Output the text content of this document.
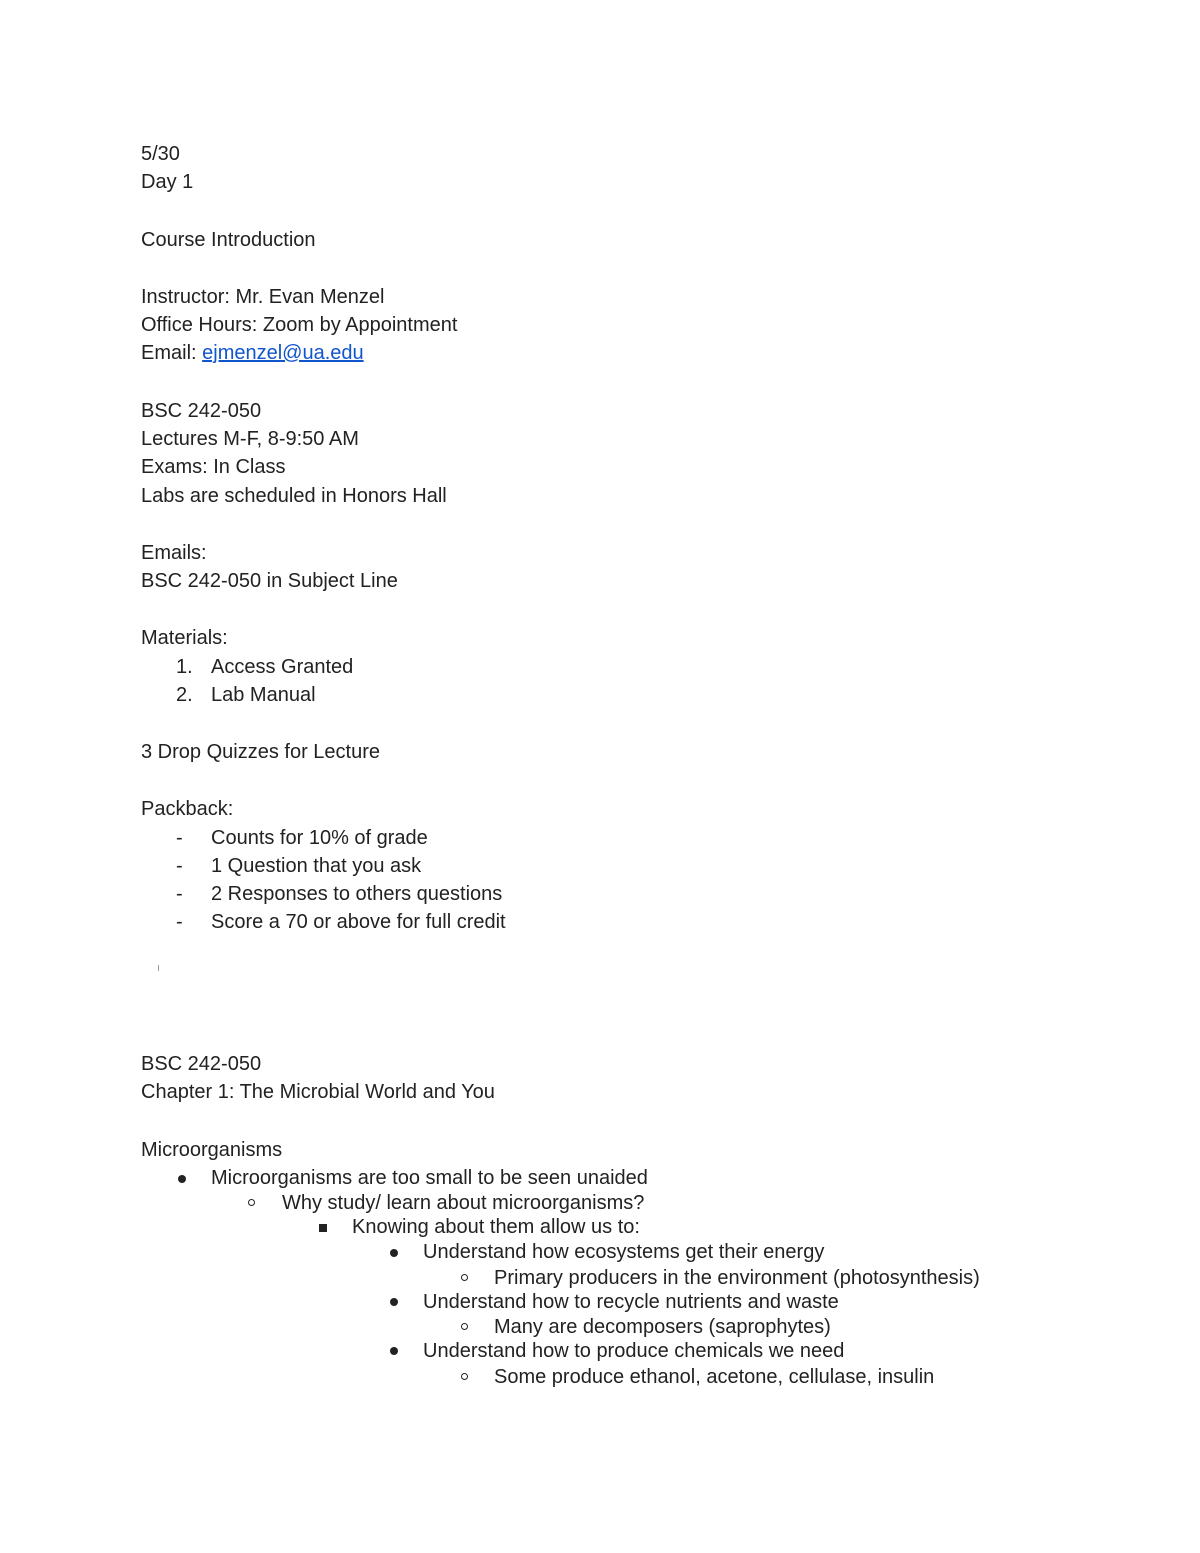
5/30
Day 1
Course Introduction
Instructor: Mr. Evan Menzel
Office Hours: Zoom by Appointment
Email: ejmenzel@ua.edu
BSC 242-050
Lectures M-F, 8-9:50 AM
Exams: In Class
Labs are scheduled in Honors Hall
Emails:
BSC 242-050 in Subject Line
Materials:
1. Access Granted
2. Lab Manual
3 Drop Quizzes for Lecture
Packback:
- Counts for 10% of grade
- 1 Question that you ask
- 2 Responses to others questions
- Score a 70 or above for full credit
BSC 242-050
Chapter 1: The Microbial World and You
Microorganisms
Microorganisms are too small to be seen unaided
Why study/ learn about microorganisms?
Knowing about them allow us to:
Understand how ecosystems get their energy
Primary producers in the environment (photosynthesis)
Understand how to recycle nutrients and waste
Many are decomposers (saprophytes)
Understand how to produce chemicals we need
Some produce ethanol, acetone, cellulase, insulin
